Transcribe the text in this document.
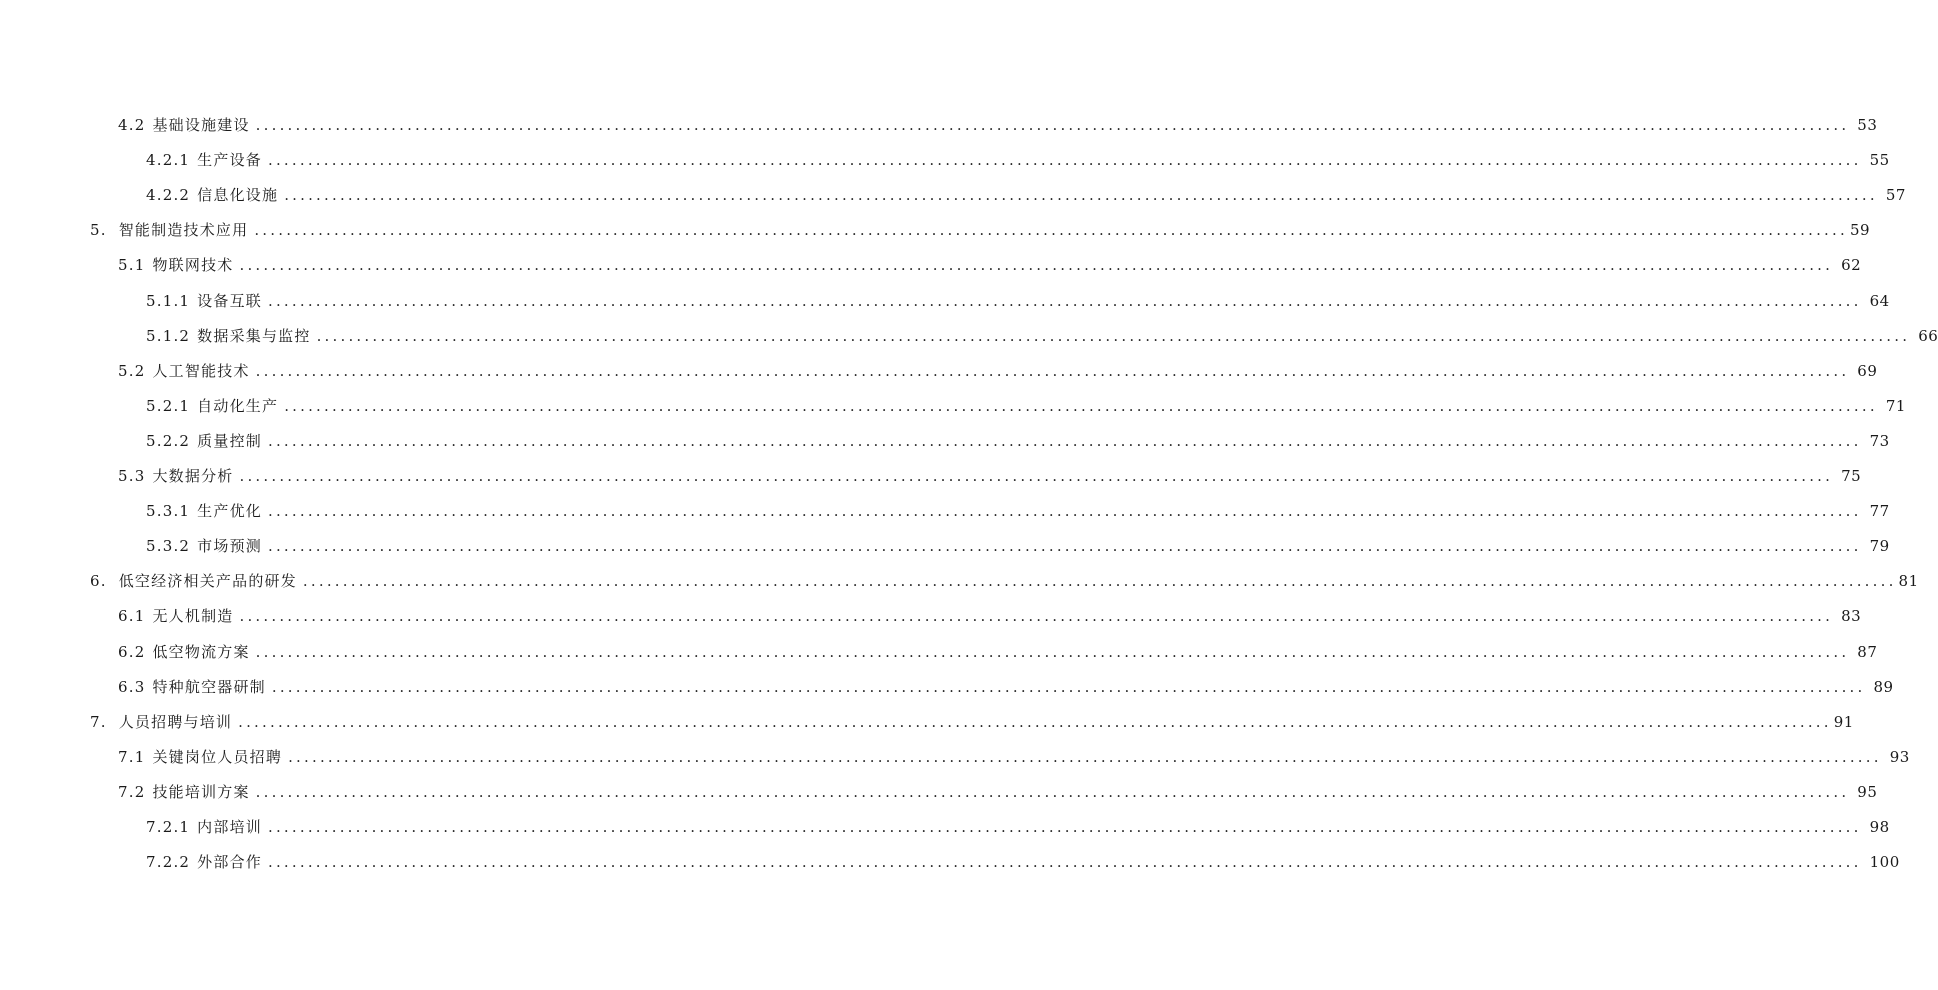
4.2 基础设施建设 ........................................................................................................................................................................................................ 53
4.2.1 生产设备 ........................................................................................................................................................................................................ 55
4.2.2 信息化设施 ........................................................................................................................................................................................................ 57
5. 智能制造技术应用 ........................................................................................................................................................................................................ 59
5.1 物联网技术 ........................................................................................................................................................................................................ 62
5.1.1 设备互联 ........................................................................................................................................................................................................ 64
5.1.2 数据采集与监控 ........................................................................................................................................................................................................ 66
5.2 人工智能技术 ........................................................................................................................................................................................................ 69
5.2.1 自动化生产 ........................................................................................................................................................................................................ 71
5.2.2 质量控制 ........................................................................................................................................................................................................ 73
5.3 大数据分析 ........................................................................................................................................................................................................ 75
5.3.1 生产优化 ........................................................................................................................................................................................................ 77
5.3.2 市场预测 ........................................................................................................................................................................................................ 79
6. 低空经济相关产品的研发 ........................................................................................................................................................................................................ 81
6.1 无人机制造 ........................................................................................................................................................................................................ 83
6.2 低空物流方案 ........................................................................................................................................................................................................ 87
6.3 特种航空器研制 ........................................................................................................................................................................................................ 89
7. 人员招聘与培训 ........................................................................................................................................................................................................ 91
7.1 关键岗位人员招聘 ........................................................................................................................................................................................................ 93
7.2 技能培训方案 ........................................................................................................................................................................................................ 95
7.2.1 内部培训 ........................................................................................................................................................................................................ 98
7.2.2 外部合作 ........................................................................................................................................................................................................ 100
